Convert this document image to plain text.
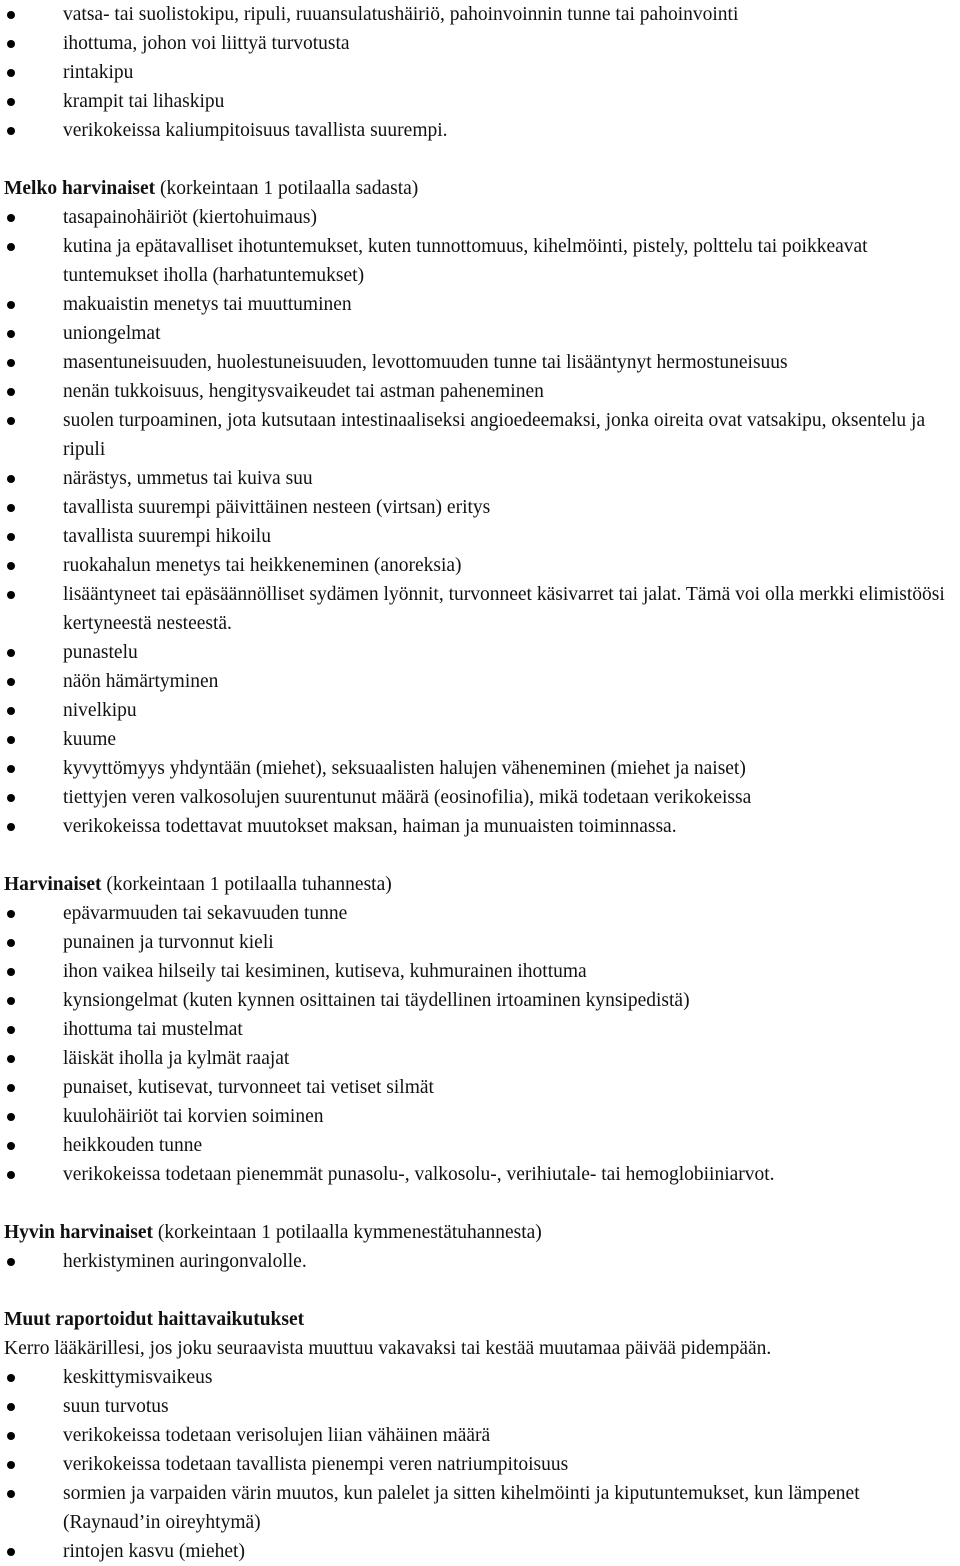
vatsa- tai suolistokipu, ripuli, ruuansulatushäiriö, pahoinvoinnin tunne tai pahoinvointi
ihottuma, johon voi liittyä turvotusta
rintakipu
krampit tai lihaskipu
verikokeissa kaliumpitoisuus tavallista suurempi.

Melko harvinaiset (korkeintaan 1 potilaalla sadasta)

tasapainohäiriöt (kiertohuimaus)
kutina ja epätavalliset ihotuntemukset, kuten tunnottomuus, kihelmöinti, pistely, polttelu tai poikkeavat tuntemukset iholla (harhatuntemukset)
makuaistin menetys tai muuttuminen
uniongelmat
masentuneisuuden, huolestuneisuuden, levottomuuden tunne tai lisääntynyt hermostuneisuus
nenän tukkoisuus, hengitysvaikeudet tai astman paheneminen
suolen turpoaminen, jota kutsutaan intestinaaliseksi angioedeemaksi, jonka oireita ovat vatsakipu, oksentelu ja ripuli
närästys, ummetus tai kuiva suu
tavallista suurempi päivittäinen nesteen (virtsan) eritys
tavallista suurempi hikoilu
ruokahalun menetys tai heikkeneminen (anoreksia)
lisääntyneet tai epäsäännölliset sydämen lyönnit, turvonneet käsivarret tai jalat. Tämä voi olla merkki elimistöösi kertyneestä nesteestä.
punastelu
näön hämärtyminen
nivelkipu
kuume
kyvyttömyys yhdyntään (miehet), seksuaalisten halujen väheneminen (miehet ja naiset)
tiettyjen veren valkosolujen suurentunut määrä (eosinofilia), mikä todetaan verikokeissa
verikokeissa todettavat muutokset maksan, haiman ja munuaisten toiminnassa.

Harvinaiset (korkeintaan 1 potilaalla tuhannesta)

epävarmuuden tai sekavuuden tunne
punainen ja turvonnut kieli
ihon vaikea hilseily tai kesiminen, kutiseva, kuhmurainen ihottuma
kynsiongelmat (kuten kynnen osittainen tai täydellinen irtoaminen kynsipedistä)
ihottuma tai mustelmat
läiskät iholla ja kylmät raajat
punaiset, kutisevat, turvonneet tai vetiset silmät
kuulohäiriöt tai korvien soiminen
heikkouden tunne
verikokeissa todetaan pienemmät punasolu-, valkosolu-, verihiutale- tai hemoglobiiniarvot.

Hyvin harvinaiset (korkeintaan 1 potilaalla kymmenestätuhannesta)

herkistyminen auringonvalolle.

Muut raportoidut haittavaikutukset

Kerro lääkärillesi, jos joku seuraavista muuttuu vakavaksi tai kestää muutamaa päivää pidempään.

keskittymisvaikeus
suun turvotus
verikokeissa todetaan verisolujen liian vähäinen määrä
verikokeissa todetaan tavallista pienempi veren natriumpitoisuus
sormien ja varpaiden värin muutos, kun palelet ja sitten kihelmöinti ja kiputuntemukset, kun lämpenet (Raynaud’in oireyhtymä)
rintojen kasvu (miehet)
